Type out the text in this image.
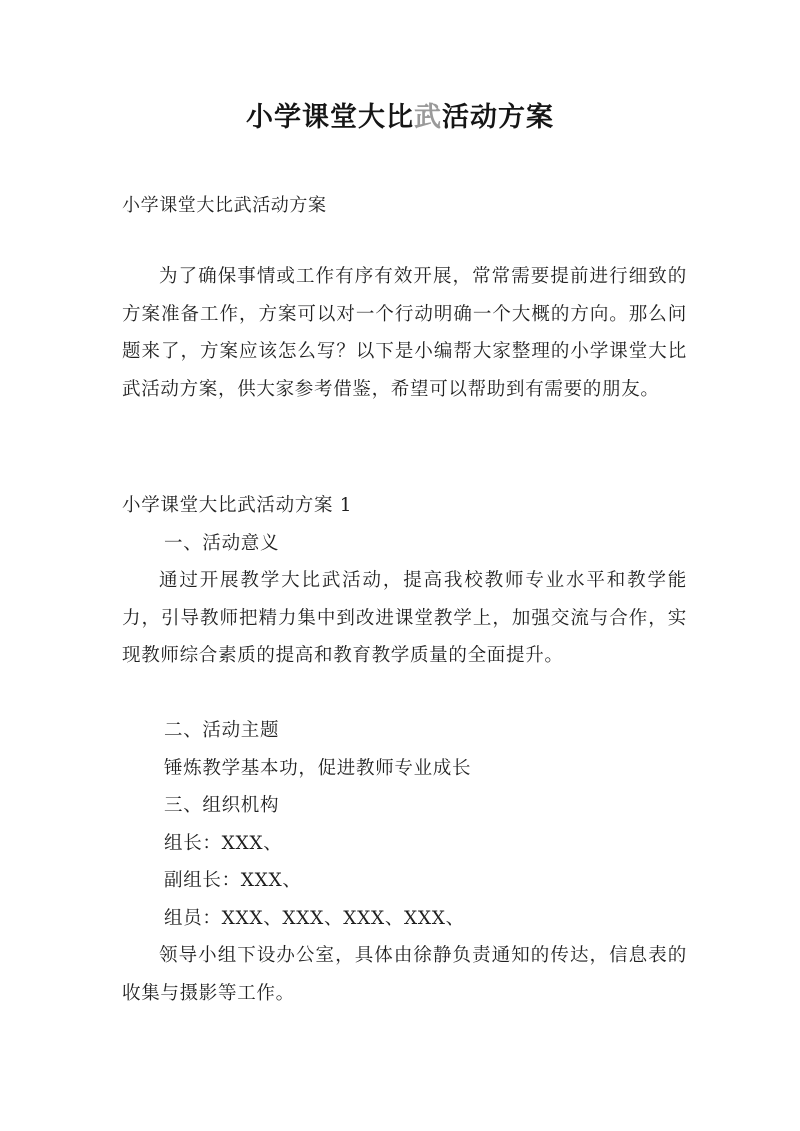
小学课堂大比武活动方案
小学课堂大比武活动方案

为了确保事情或工作有序有效开展，常常需要提前进行细致的方案准备工作，方案可以对一个行动明确一个大概的方向。那么问题来了，方案应该怎么写？以下是小编帮大家整理的小学课堂大比武活动方案，供大家参考借鉴，希望可以帮助到有需要的朋友。

小学课堂大比武活动方案 1
一、活动意义

通过开展教学大比武活动，提高我校教师专业水平和教学能力，引导教师把精力集中到改进课堂教学上，加强交流与合作，实现教师综合素质的提高和教育教学质量的全面提升。

二、活动主题
锤炼教学基本功，促进教师专业成长
三、组织机构
组长：XXX、
副组长：XXX、
组员：XXX、XXX、XXX、XXX、

领导小组下设办公室，具体由徐静负责通知的传达，信息表的收集与摄影等工作。
